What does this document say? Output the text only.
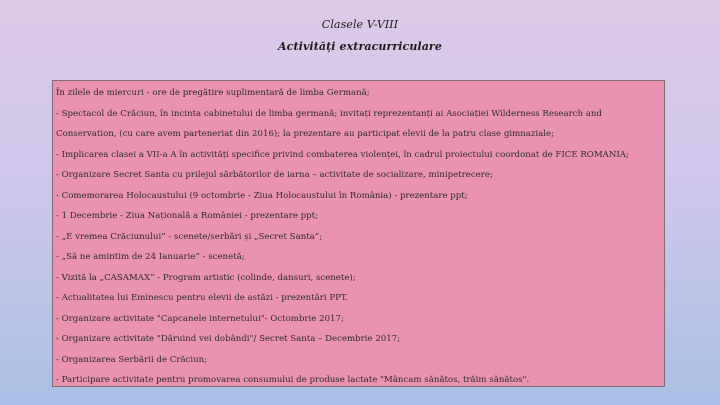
Clasele V-VIII
Activități extracurriculare
În zilele de miercuri - ore de pregătire suplimentară de limba Germană;
- Spectacol de Crăciun, în incinta cabinetului de limba germană; invitați reprezentanți ai Asociației Wilderness Research and
Conservation, (cu care avem parteneriat din 2016); la prezentare au participat elevii de la patru clase gimnaziale;
- Implicarea clasei a VII-a A în activități specifice privind combaterea violenței, în cadrul proiectului coordonat de FICE ROMANIA;
- Organizare Secret Santa cu prilejul sărbătorilor de iarna – activitate de socializare, minipetrecere;
- Comemorarea Holocaustului (9 octombrie - Ziua Holocaustului în România) - prezentare ppt;
- 1 Decembrie - Ziua Națională a României - prezentare ppt;
- „E vremea Crăciunului” - scenete/serbări și „Secret Santa”;
- „Să ne amintim de 24 Ianuarie” - scenetă;
- Vizită la „CASAMAX” - Program artistic (colinde, dansuri, scenete);
- Actualitatea lui Eminescu pentru elevii de astăzi - prezentări PPT.
- Organizare activitate "Capcanele internetului"- Octombrie 2017;
- Organizare activitate "Dăruind vei dobândi"/ Secret Santa – Decembrie 2017;
- Organizarea Serbării de Crăciun;
- Participare activitate pentru promovarea consumului de produse lactate "Mâncam sănătos, trăim sănătos".
